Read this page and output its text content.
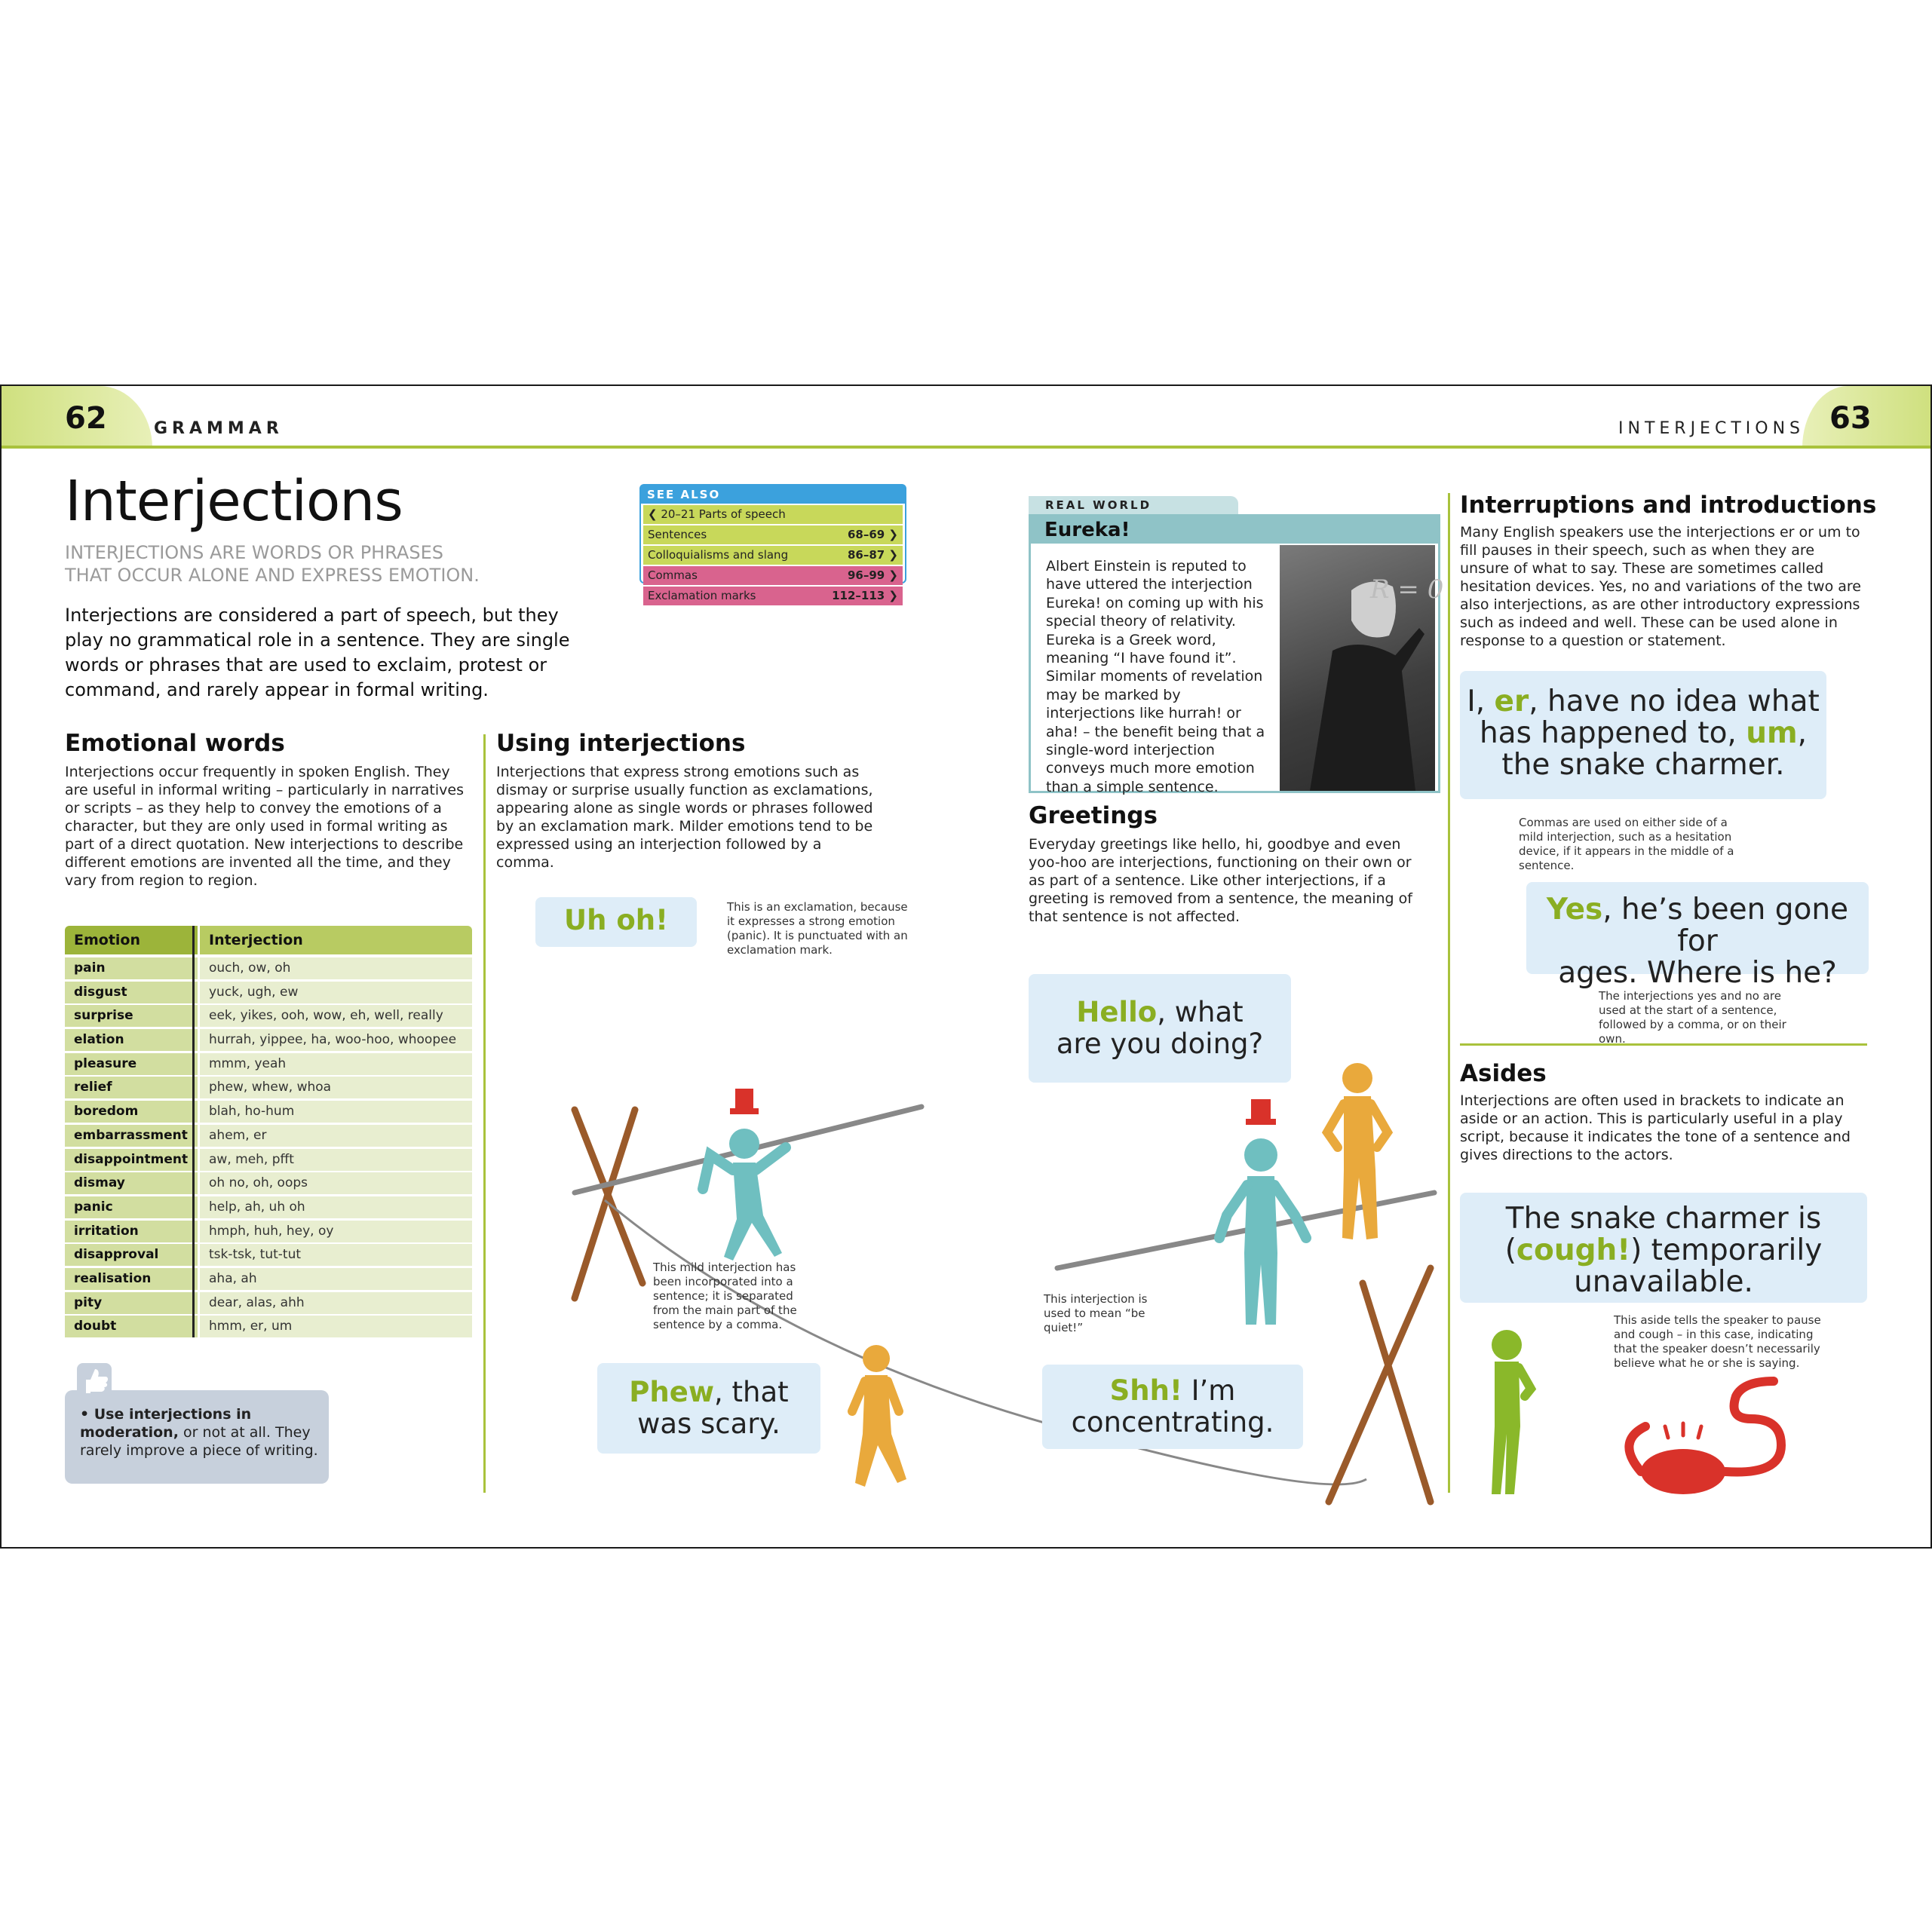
62	GRAMMAR	INTERJECTIONS 63
Interjections
INTERJECTIONS ARE WORDS OR PHRASES THAT OCCUR ALONE AND EXPRESS EMOTION.
Interjections are considered a part of speech, but they play no grammatical role in a sentence. They are single words or phrases that are used to exclaim, protest or command, and rarely appear in formal writing.
SEE ALSO
❮ 20–21 Parts of speech
Sentences	68–69 ❯
Colloquialisms and slang	86–87 ❯
Commas	96–99 ❯
Exclamation marks	112–113 ❯
Emotional words
Interjections occur frequently in spoken English. They are useful in informal writing – particularly in narratives or scripts – as they help to convey the emotions of a character, but they are only used in formal writing as part of a direct quotation. New interjections to describe different emotions are invented all the time, and they vary from region to region.
Emotion	Interjection
pain	ouch, ow, oh
disgust	yuck, ugh, ew
surprise	eek, yikes, ooh, wow, eh, well, really
elation	hurrah, yippee, ha, woo-hoo, whoopee
pleasure	mmm, yeah
relief	phew, whew, whoa
boredom	blah, ho-hum
embarrassment	ahem, er
disappointment	aw, meh, pfft
dismay	oh no, oh, oops
panic	help, ah, uh oh
irritation	hmph, huh, hey, oy
disapproval	tsk-tsk, tut-tut
realisation	aha, ah
pity	dear, alas, ahh
doubt	hmm, er, um
• Use interjections in moderation, or not at all. They rarely improve a piece of writing.
Using interjections
Interjections that express strong emotions such as dismay or surprise usually function as exclamations, appearing alone as single words or phrases followed by an exclamation mark. Milder emotions tend to be expressed using an interjection followed by a comma.
Uh oh!	This is an exclamation, because it expresses a strong emotion (panic). It is punctuated with an exclamation mark.
This mild interjection has been incorporated into a sentence; it is separated from the main part of the sentence by a comma.
Phew, that
was scary.
REAL WORLD
Eureka!
Albert Einstein is reputed to have uttered the interjection Eureka! on coming up with his special theory of relativity. Eureka is a Greek word, meaning “I have found it”. Similar moments of revelation may be marked by interjections like hurrah! or aha! – the benefit being that a single-word interjection conveys much more emotion than a simple sentence.
R = 0
Greetings
Everyday greetings like hello, hi, goodbye and even yoo-hoo are interjections, functioning on their own or as part of a sentence. Like other interjections, if a greeting is removed from a sentence, the meaning of that sentence is not affected.
Hello, what
are you doing?
This interjection is used to mean “be quiet!”
Shh! I’m
concentrating.
Interruptions and introductions
Many English speakers use the interjections er or um to fill pauses in their speech, such as when they are unsure of what to say. These are sometimes called hesitation devices. Yes, no and variations of the two are also interjections, as are other introductory expressions such as indeed and well. These can be used alone in response to a question or statement.
I, er, have no idea what
has happened to, um,
the snake charmer.
Commas are used on either side of a mild interjection, such as a hesitation device, if it appears in the middle of a sentence.
Yes, he’s been gone for
ages. Where is he?
The interjections yes and no are used at the start of a sentence, followed by a comma, or on their own.
Asides
Interjections are often used in brackets to indicate an aside or an action. This is particularly useful in a play script, because it indicates the tone of a sentence and gives directions to the actors.
The snake charmer is
(cough!) temporarily
unavailable.
This aside tells the speaker to pause and cough – in this case, indicating that the speaker doesn’t necessarily believe what he or she is saying.
